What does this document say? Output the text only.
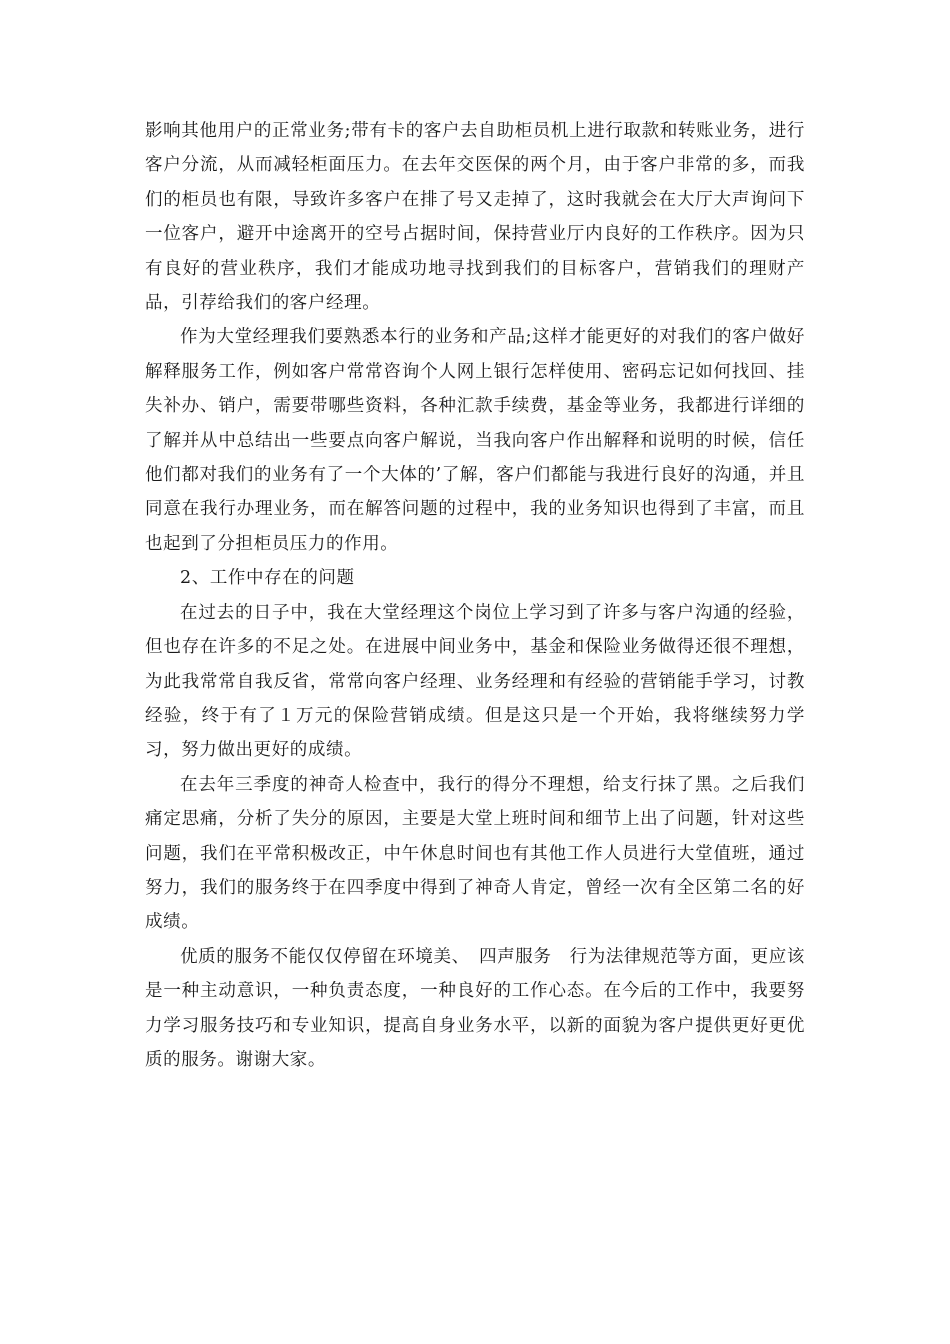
影响其他用户的正常业务;带有卡的客户去自助柜员机上进行取款和转账业务，进行客户分流，从而减轻柜面压力。在去年交医保的两个月，由于客户非常的多，而我们的柜员也有限，导致许多客户在排了号又走掉了，这时我就会在大厅大声询问下一位客户，避开中途离开的空号占据时间，保持营业厅内良好的工作秩序。因为只有良好的营业秩序，我们才能成功地寻找到我们的目标客户，营销我们的理财产品，引荐给我们的客户经理。

作为大堂经理我们要熟悉本行的业务和产品;这样才能更好的对我们的客户做好解释服务工作，例如客户常常咨询个人网上银行怎样使用、密码忘记如何找回、挂失补办、销户，需要带哪些资料，各种汇款手续费，基金等业务，我都进行详细的了解并从中总结出一些要点向客户解说，当我向客户作出解释和说明的时候，信任他们都对我们的业务有了一个大体的’了解，客户们都能与我进行良好的沟通，并且同意在我行办理业务，而在解答问题的过程中，我的业务知识也得到了丰富，而且也起到了分担柜员压力的作用。

2、工作中存在的问题

在过去的日子中，我在大堂经理这个岗位上学习到了许多与客户沟通的经验，但也存在许多的不足之处。在进展中间业务中，基金和保险业务做得还很不理想，为此我常常自我反省，常常向客户经理、业务经理和有经验的营销能手学习，讨教经验，终于有了１万元的保险营销成绩。但是这只是一个开始，我将继续努力学习，努力做出更好的成绩。

在去年三季度的神奇人检查中，我行的得分不理想，给支行抹了黑。之后我们痛定思痛，分析了失分的原因，主要是大堂上班时间和细节上出了问题，针对这些问题，我们在平常积极改正，中午休息时间也有其他工作人员进行大堂值班，通过努力，我们的服务终于在四季度中得到了神奇人肯定，曾经一次有全区第二名的好成绩。

优质的服务不能仅仅停留在环境美、　四声服务　行为法律规范等方面，更应该是一种主动意识，一种负责态度，一种良好的工作心态。在今后的工作中，我要努力学习服务技巧和专业知识，提高自身业务水平，以新的面貌为客户提供更好更优质的服务。谢谢大家。
